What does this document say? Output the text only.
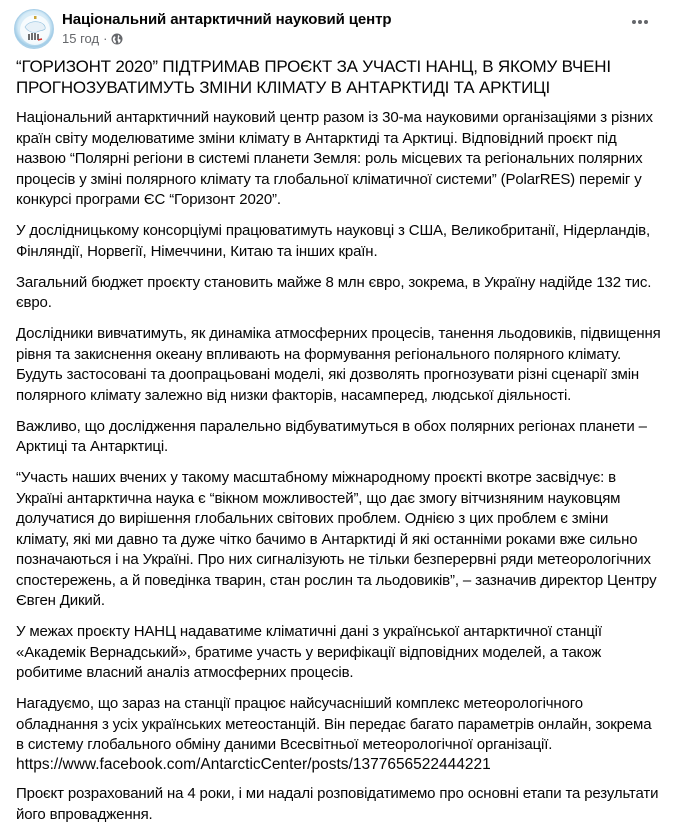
Національний антарктичний науковий центр
15 год ·
“ГОРИЗОНТ 2020” ПІДТРИМАВ ПРОЄКТ ЗА УЧАСТІ НАНЦ, В ЯКОМУ ВЧЕНІ
ПРОГНОЗУВАТИМУТЬ ЗМІНИ КЛІМАТУ В АНТАРКТИДІ ТА АРКТИЦІ

Національний антарктичний науковий центр разом із 30-ма науковими організаціями з різних країн світу моделюватиме зміни клімату в Антарктиді та Арктиці. Відповідний проєкт під назвою “Полярні регіони в системі планети Земля: роль місцевих та регіональних полярних процесів у зміні полярного клімату та глобальної кліматичної системи” (PolarRES) переміг у конкурсі програми ЄС “Горизонт 2020”.

У дослідницькому консорціумі працюватимуть науковці з США, Великобританії, Нідерландів, Фінляндії, Норвегії, Німеччини, Китаю та інших країн.

Загальний бюджет проєкту становить майже 8 млн євро, зокрема, в Україну надійде 132 тис. євро.

Дослідники вивчатимуть, як динаміка атмосферних процесів, танення льодовиків, підвищення рівня та закиснення океану впливають на формування регіонального полярного клімату. Будуть застосовані та доопрацьовані моделі, які дозволять прогнозувати різні сценарії змін полярного клімату залежно від низки факторів, насамперед, людської діяльності.

Важливо, що дослідження паралельно відбуватимуться в обох полярних регіонах планети – Арктиці та Антарктиці.

“Участь наших вчених у такому масштабному міжнародному проєкті вкотре засвідчує: в Україні антарктична наука є “вікном можливостей”, що дає змогу вітчизняним науковцям долучатися до вирішення глобальних світових проблем. Однією з цих проблем є зміни клімату, які ми давно та дуже чітко бачимо в Антарктиді й які останніми роками вже сильно позначаються і на Україні. Про них сигналізують не тільки безперервні ряди метеорологічних спостережень, а й поведінка тварин, стан рослин та льодовиків”, – зазначив директор Центру Євген Дикий.

У межах проєкту НАНЦ надаватиме кліматичні дані з української антарктичної станції «Академік Вернадський», братиме участь у верифікації відповідних моделей, а також робитиме власний аналіз атмосферних процесів.

Нагадуємо, що зараз на станції працює найсучасніший комплекс метеорологічного обладнання з усіх українських метеостанцій. Він передає багато параметрів онлайн, зокрема в систему глобального обміну даними Всесвітньої метеорологічної організації.

https://www.facebook.com/AntarcticCenter/posts/1377656522444221

Проєкт розрахований на 4 роки, і ми надалі розповідатимемо про основні етапи та результати його впровадження.
